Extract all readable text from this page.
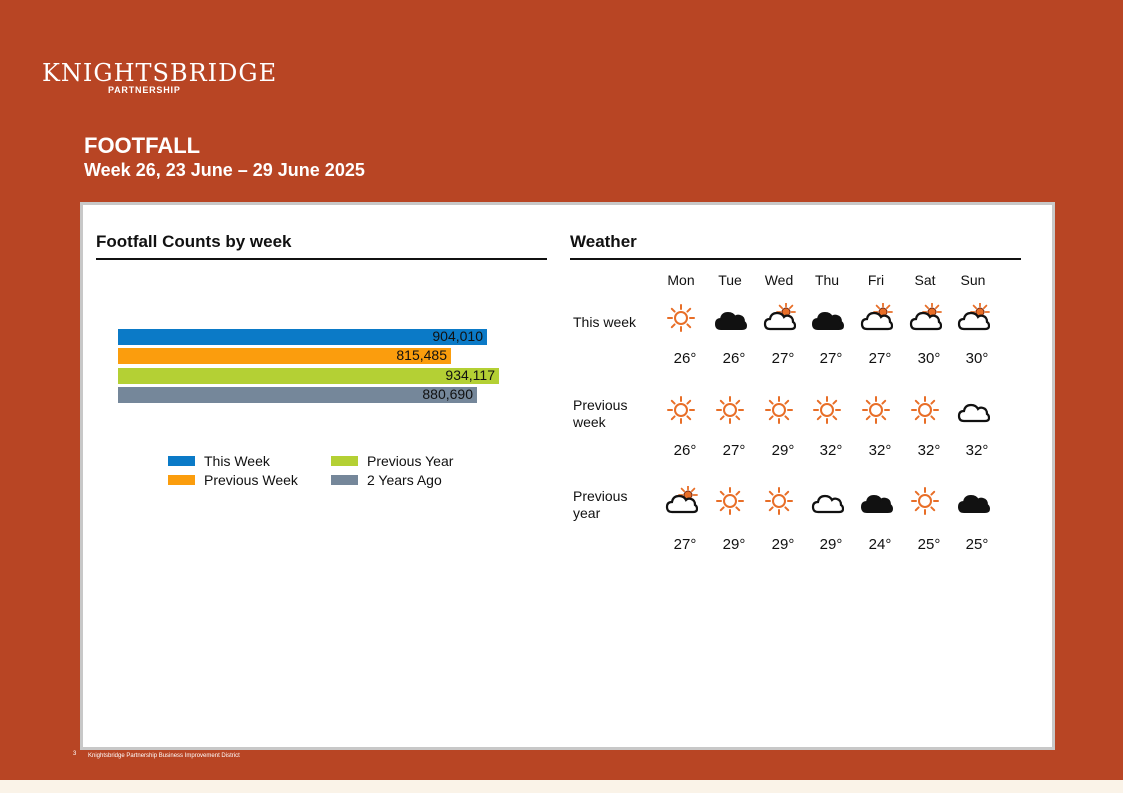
KNIGHTSBRIDGE
PARTNERSHIP
FOOTFALL
Week 26, 23 June – 29 June 2025
Footfall Counts by week
904,010
815,485
934,117
880,690
This Week
Previous Week
Previous Year
2 Years Ago
Weather
Mon	Tue	Wed	Thu	Fri	Sat	Sun
This week
26°	26°	27°	27°	27°	30°	30°
Previous week
26°	27°	29°	32°	32°	32°	32°
Previous year
27°	29°	29°	29°	24°	25°	25°
3 Knightsbridge Partnership Business Improvement District
